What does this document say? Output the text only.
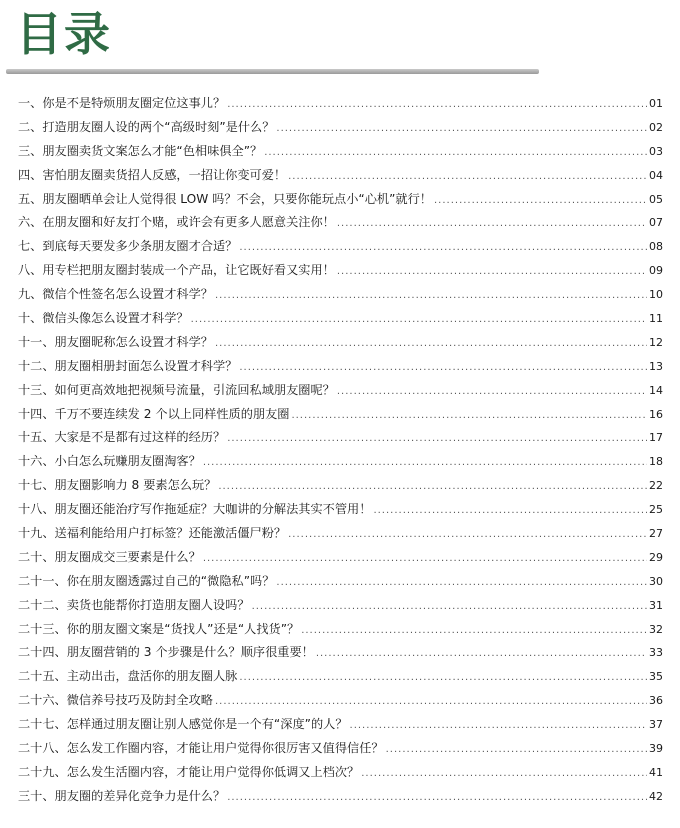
目录
一、你是不是特烦朋友圈定位这事儿？ .....	01
二、打造朋友圈人设的两个“高级时刻”是什么？ .....	02
三、朋友圈卖货文案怎么才能“色相味俱全”？ .....	03
四、害怕朋友圈卖货招人反感，一招让你变可爱！ .....	04
五、朋友圈晒单会让人觉得很 LOW 吗？不会，只要你能玩点小“心机”就行！ .....	05
六、在朋友圈和好友打个赌，或许会有更多人愿意关注你！ .....	07
七、到底每天要发多少条朋友圈才合适？ .....	08
八、用专栏把朋友圈封装成一个产品，让它既好看又实用！ .....	09
九、微信个性签名怎么设置才科学？ .....	10
十、微信头像怎么设置才科学？ .....	11
十一、朋友圈昵称怎么设置才科学？ .....	12
十二、朋友圈相册封面怎么设置才科学？ .....	13
十三、如何更高效地把视频号流量，引流回私域朋友圈呢？ .....	14
十四、千万不要连续发 2 个以上同样性质的朋友圈 .....	16
十五、大家是不是都有过这样的经历？ .....	17
十六、小白怎么玩赚朋友圈淘客？ .....	18
十七、朋友圈影响力 8 要素怎么玩？ .....	22
十八、朋友圈还能治疗写作拖延症？大咖讲的分解法其实不管用！ .....	25
十九、送福利能给用户打标签？还能激活僵尸粉？ .....	27
二十、朋友圈成交三要素是什么？ .....	29
二十一、你在朋友圈透露过自己的“微隐私”吗？ .....	30
二十二、卖货也能帮你打造朋友圈人设吗？ .....	31
二十三、你的朋友圈文案是“货找人”还是“人找货”？ .....	32
二十四、朋友圈营销的 3 个步骤是什么？顺序很重要！ .....	33
二十五、主动出击，盘活你的朋友圈人脉 .....	35
二十六、微信养号技巧及防封全攻略 .....	36
二十七、怎样通过朋友圈让别人感觉你是一个有“深度”的人？ .....	37
二十八、怎么发工作圈内容，才能让用户觉得你很厉害又值得信任？ .....	39
二十九、怎么发生活圈内容，才能让用户觉得你低调又上档次？ .....	41
三十、朋友圈的差异化竞争力是什么？ .....	42
